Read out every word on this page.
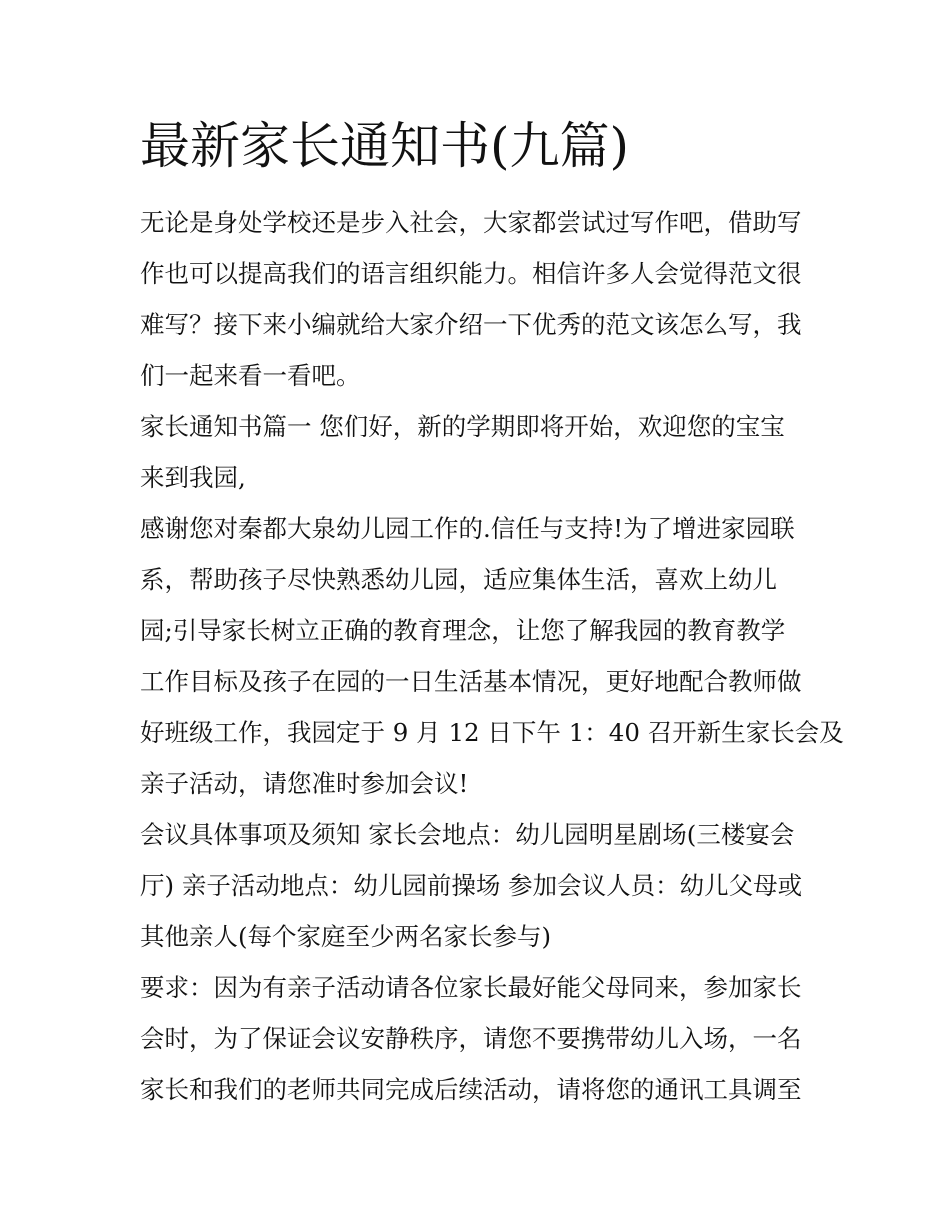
最新家长通知书(九篇)

无论是身处学校还是步入社会，大家都尝试过写作吧，借助写

作也可以提高我们的语言组织能力。相信许多人会觉得范文很

难写？接下来小编就给大家介绍一下优秀的范文该怎么写，我

们一起来看一看吧。

家长通知书篇一 您们好，新的学期即将开始，欢迎您的宝宝

来到我园,

感谢您对秦都大泉幼儿园工作的.信任与支持!为了增进家园联

系，帮助孩子尽快熟悉幼儿园，适应集体生活，喜欢上幼儿

园;引导家长树立正确的教育理念，让您了解我园的教育教学

工作目标及孩子在园的一日生活基本情况，更好地配合教师做

好班级工作，我园定于 9 月 12 日下午 1：40 召开新生家长会及

亲子活动，请您准时参加会议!

会议具体事项及须知 家长会地点：幼儿园明星剧场(三楼宴会

厅) 亲子活动地点：幼儿园前操场 参加会议人员：幼儿父母或

其他亲人(每个家庭至少两名家长参与)

要求：因为有亲子活动请各位家长最好能父母同来，参加家长

会时，为了保证会议安静秩序，请您不要携带幼儿入场，一名

家长和我们的老师共同完成后续活动，请将您的通讯工具调至
